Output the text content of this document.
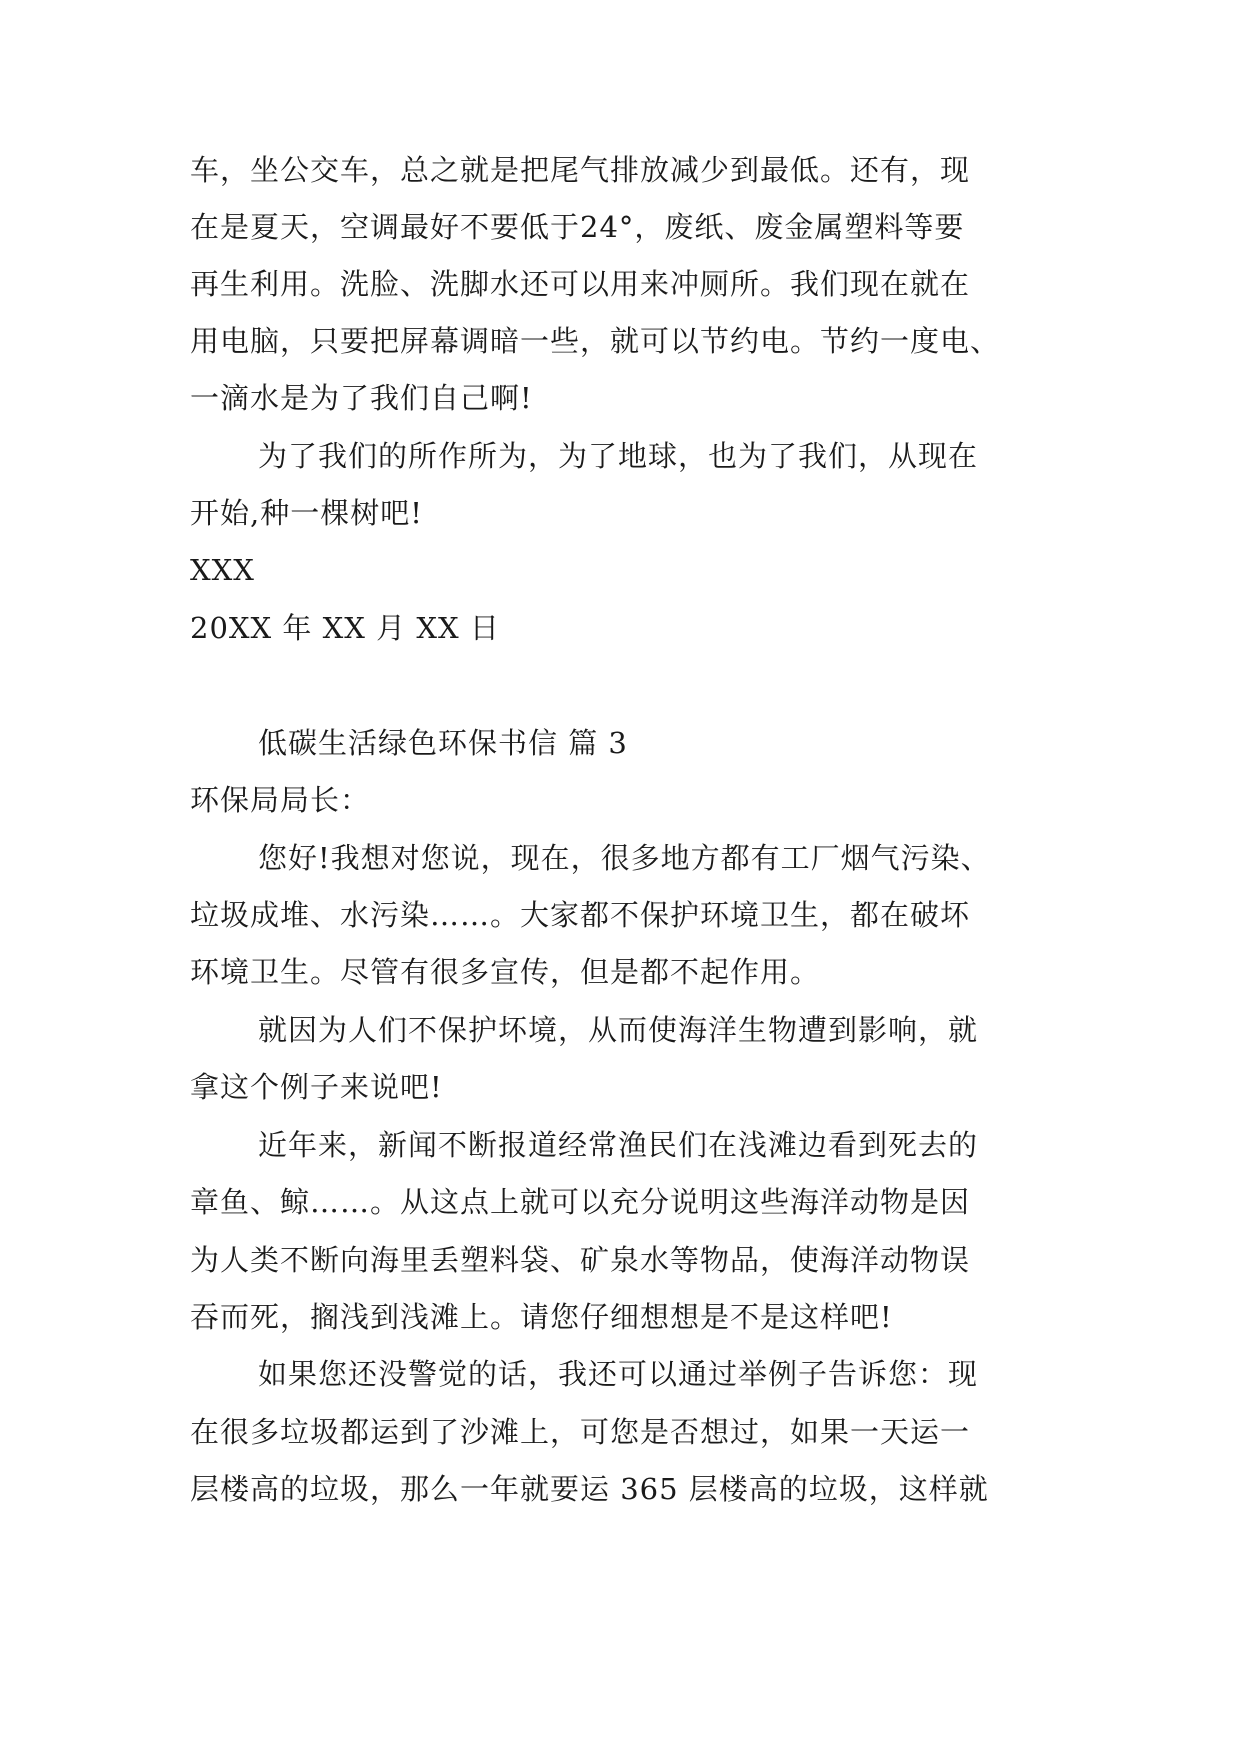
车，坐公交车，总之就是把尾气排放减少到最低。还有，现
在是夏天，空调最好不要低于24°，废纸、废金属塑料等要
再生利用。洗脸、洗脚水还可以用来冲厕所。我们现在就在
用电脑，只要把屏幕调暗一些，就可以节约电。节约一度电、
一滴水是为了我们自己啊!
为了我们的所作所为，为了地球，也为了我们，从现在
开始,种一棵树吧!
XXX
20XX 年 XX 月 XX 日
低碳生活绿色环保书信 篇 3
环保局局长：
您好!我想对您说，现在，很多地方都有工厂烟气污染、
垃圾成堆、水污染……。大家都不保护环境卫生，都在破坏
环境卫生。尽管有很多宣传，但是都不起作用。
就因为人们不保护坏境，从而使海洋生物遭到影响，就
拿这个例子来说吧!
近年来，新闻不断报道经常渔民们在浅滩边看到死去的
章鱼、鲸……。从这点上就可以充分说明这些海洋动物是因
为人类不断向海里丢塑料袋、矿泉水等物品，使海洋动物误
吞而死，搁浅到浅滩上。请您仔细想想是不是这样吧!
如果您还没警觉的话，我还可以通过举例子告诉您：现
在很多垃圾都运到了沙滩上，可您是否想过，如果一天运一
层楼高的垃圾，那么一年就要运 365 层楼高的垃圾，这样就
